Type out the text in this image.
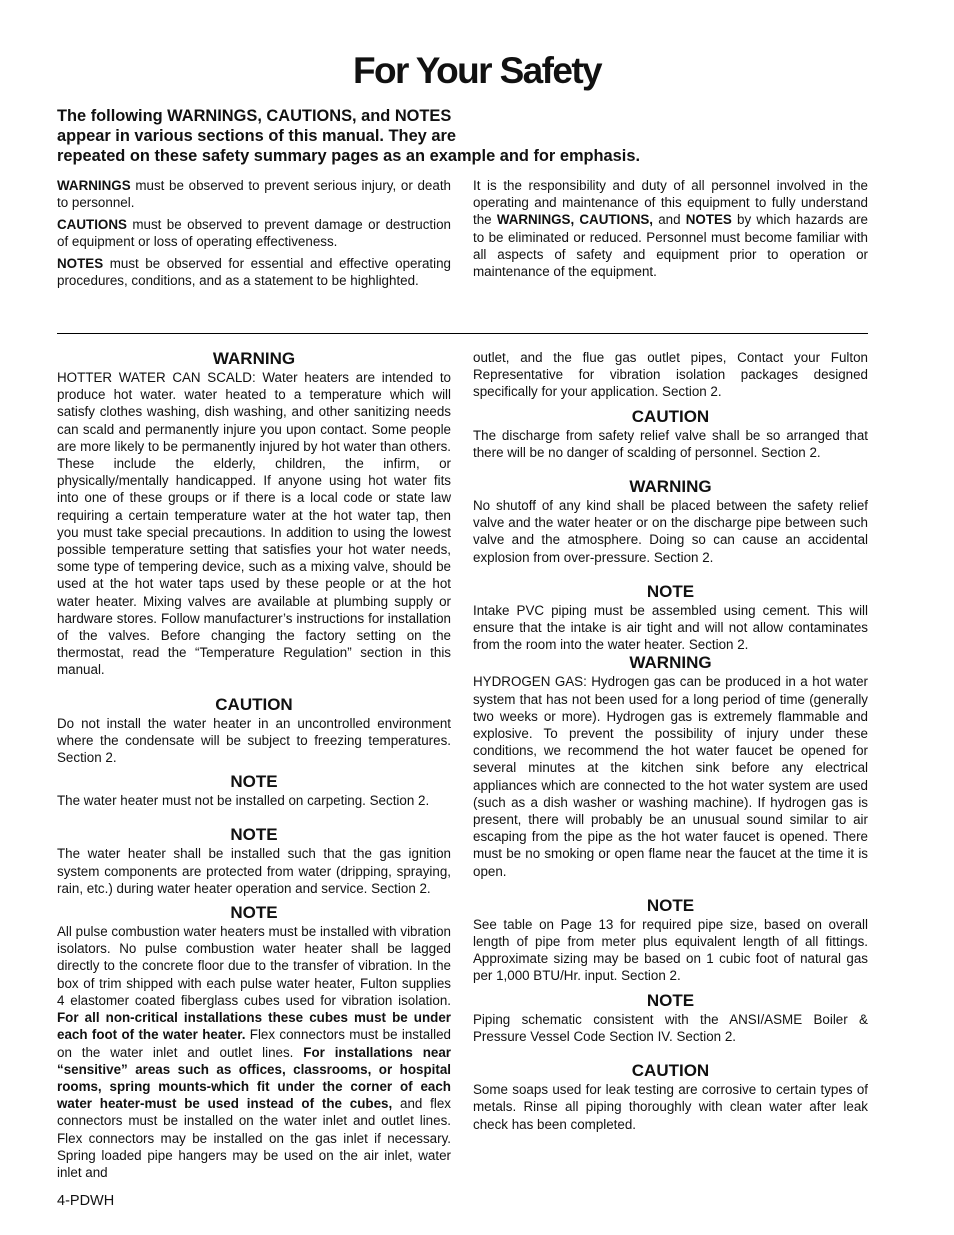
For Your Safety
The following WARNINGS, CAUTIONS, and NOTES
appear in various sections of this manual. They are
repeated on these safety summary pages as an example and for emphasis.

WARNINGS must be observed to prevent serious injury, or death to personnel.

CAUTIONS must be observed to prevent damage or destruction of equipment or loss of operating effectiveness.

NOTES must be observed for essential and effective operating procedures, conditions, and as a statement to be highlighted.

It is the responsibility and duty of all personnel involved in the operating and maintenance of this equipment to fully understand the WARNINGS, CAUTIONS, and NOTES by which hazards are to be eliminated or reduced. Personnel must become familiar with all aspects of safety and equipment prior to operation or maintenance of the equipment.

WARNING

HOTTER WATER CAN SCALD: Water heaters are intended to produce hot water. water heated to a temperature which will satisfy clothes washing, dish washing, and other sanitizing needs can scald and permanently injure you upon contact. Some people are more likely to be permanently injured by hot water than others. These include the elderly, children, the infirm, or physically/mentally handicapped. If anyone using hot water fits into one of these groups or if there is a local code or state law requiring a certain temperature water at the hot water tap, then you must take special precautions. In addition to using the lowest possible temperature setting that satisfies your hot water needs, some type of tempering device, such as a mixing valve, should be used at the hot water taps used by these people or at the hot water heater. Mixing valves are available at plumbing supply or hardware stores. Follow manufacturer’s instructions for installation of the valves. Before changing the factory setting on the thermostat, read the “Temperature Regulation” section in this manual.

CAUTION

Do not install the water heater in an uncontrolled environment where the condensate will be subject to freezing temperatures. Section 2.

NOTE

The water heater must not be installed on carpeting. Section 2.

NOTE

The water heater shall be installed such that the gas ignition system components are protected from water (dripping, spraying, rain, etc.) during water heater operation and service. Section 2.

NOTE

All pulse combustion water heaters must be installed with vibration isolators. No pulse combustion water heater shall be lagged directly to the concrete floor due to the transfer of vibration. In the box of trim shipped with each pulse water heater, Fulton supplies 4 elastomer coated fiberglass cubes used for vibration isolation. For all non-critical installations these cubes must be under each foot of the water heater. Flex connectors must be installed on the water inlet and outlet lines. For installations near “sensitive” areas such as offices, classrooms, or hospital rooms, spring mounts-which fit under the corner of each water heater-must be used instead of the cubes, and flex connectors must be installed on the water inlet and outlet lines. Flex connectors may be installed on the gas inlet if necessary. Spring loaded pipe hangers may be used on the air inlet, water inlet and

outlet, and the flue gas outlet pipes, Contact your Fulton Representative for vibration isolation packages designed specifically for your application. Section 2.

CAUTION

The discharge from safety relief valve shall be so arranged that there will be no danger of scalding of personnel. Section 2.

WARNING

No shutoff of any kind shall be placed between the safety relief valve and the water heater or on the discharge pipe between such valve and the atmosphere. Doing so can cause an accidental explosion from over-pressure. Section 2.

NOTE

Intake PVC piping must be assembled using cement. This will ensure that the intake is air tight and will not allow contaminates from the room into the water heater. Section 2.

WARNING

HYDROGEN GAS: Hydrogen gas can be produced in a hot water system that has not been used for a long period of time (generally two weeks or more). Hydrogen gas is extremely flammable and explosive. To prevent the possibility of injury under these conditions, we recommend the hot water faucet be opened for several minutes at the kitchen sink before any electrical appliances which are connected to the hot water system are used (such as a dish washer or washing machine). If hydrogen gas is present, there will probably be an unusual sound similar to air escaping from the pipe as the hot water faucet is opened. There must be no smoking or open flame near the faucet at the time it is open.

NOTE

See table on Page 13 for required pipe size, based on overall length of pipe from meter plus equivalent length of all fittings. Approximate sizing may be based on 1 cubic foot of natural gas per 1,000 BTU/Hr. input. Section 2.

NOTE

Piping schematic consistent with the ANSI/ASME Boiler & Pressure Vessel Code Section IV. Section 2.

CAUTION

Some soaps used for leak testing are corrosive to certain types of metals. Rinse all piping thoroughly with clean water after leak check has been completed.

4-PDWH
